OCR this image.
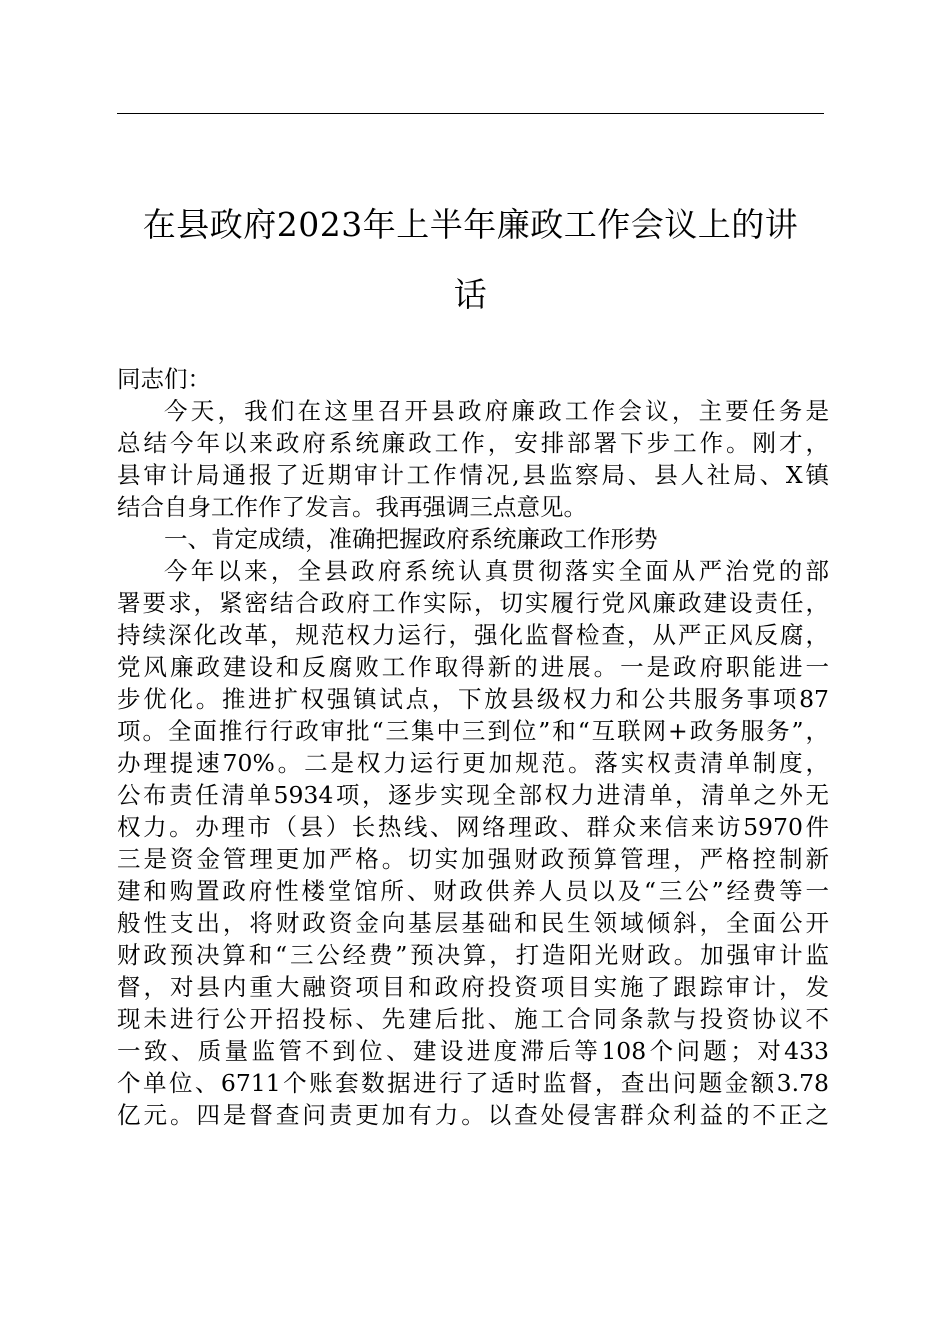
在县政府2023年上半年廉政工作会议上的讲
话
同志们：
今天，我们在这里召开县政府廉政工作会议，主要任务是
总结今年以来政府系统廉政工作，安排部署下步工作。刚才，
县审计局通报了近期审计工作情况,县监察局、县人社局、X镇
结合自身工作作了发言。我再强调三点意见。
一、肯定成绩，准确把握政府系统廉政工作形势
今年以来，全县政府系统认真贯彻落实全面从严治党的部
署要求，紧密结合政府工作实际，切实履行党风廉政建设责任，
持续深化改革，规范权力运行，强化监督检查，从严正风反腐，
党风廉政建设和反腐败工作取得新的进展。一是政府职能进一
步优化。推进扩权强镇试点，下放县级权力和公共服务事项87
项。全面推行行政审批“三集中三到位”和“互联网+政务服务”，
办理提速70%。二是权力运行更加规范。落实权责清单制度，
公布责任清单5934项，逐步实现全部权力进清单，清单之外无
权力。办理市（县）长热线、网络理政、群众来信来访5970件
三是资金管理更加严格。切实加强财政预算管理，严格控制新
建和购置政府性楼堂馆所、财政供养人员以及“三公”经费等一
般性支出，将财政资金向基层基础和民生领域倾斜，全面公开
财政预决算和“三公经费”预决算，打造阳光财政。加强审计监
督，对县内重大融资项目和政府投资项目实施了跟踪审计，发
现未进行公开招投标、先建后批、施工合同条款与投资协议不
一致、质量监管不到位、建设进度滞后等108个问题；对433
个单位、6711个账套数据进行了适时监督，查出问题金额3.78
亿元。四是督查问责更加有力。以查处侵害群众利益的不正之
